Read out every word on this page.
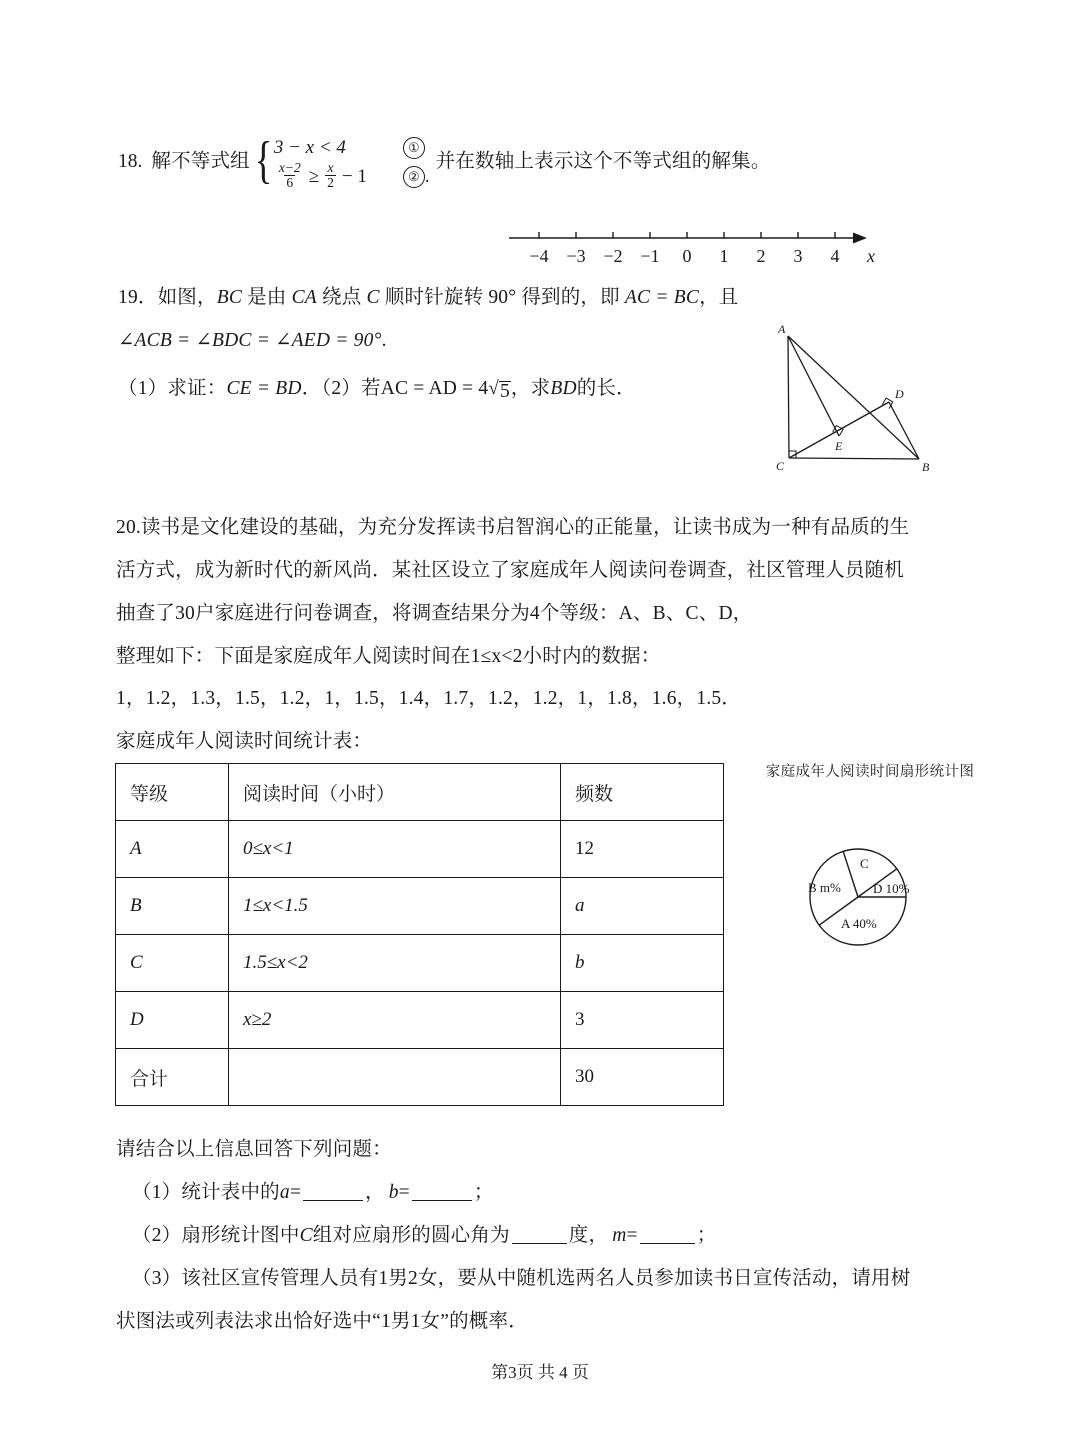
18. 解不等式组 { 3 − x < 4
$\frac{x-2}{6} \ge \frac{x}{2} - 1$
①
② .
并在数轴上表示这个不等式组的解集。
−4 −3 −2 −1 0 1 2 3 4 x
19．如图，BC 是由 CA 绕点 C 顺时针旋转 90° 得到的，即 AC = BC，且
∠ACB = ∠BDC = ∠AED = 90°.
（1）求证：CE = BD．（2）若AC = AD = 4 √ 5 ，求BD的长．
A
B
C
D
E
20.读书是文化建设的基础，为充分发挥读书启智润心的正能量，让读书成为一种有品质的生
活方式，成为新时代的新风尚．某社区设立了家庭成年人阅读问卷调查，社区管理人员随机
抽查了30户家庭进行问卷调查，将调查结果分为4个等级：A、B、C、D，
整理如下：下面是家庭成年人阅读时间在1≤x<2小时内的数据：
1，1.2，1.3，1.5，1.2，1，1.5，1.4，1.7，1.2，1.2，1，1.8，1.6，1.5．
家庭成年人阅读时间统计表：
等级	阅读时间（小时）	频数
A	0≤x<1	12
B	1≤x<1.5	a
C	1.5≤x<2	b
D	x≥2	3
合计		30
家庭成年人阅读时间扇形统计图
D 10%
C
B m%
A 40%
请结合以上信息回答下列问题：
（1）统计表中的 a =	， b =	；
（2）扇形统计图中 C 组对应扇形的圆心角为	度， m =	；
（3）该社区宣传管理人员有1男2女，要从中随机选两名人员参加读书日宣传活动，请用树
状图法或列表法求出恰好选中“1男1女”的概率．
第3页 共 4 页
